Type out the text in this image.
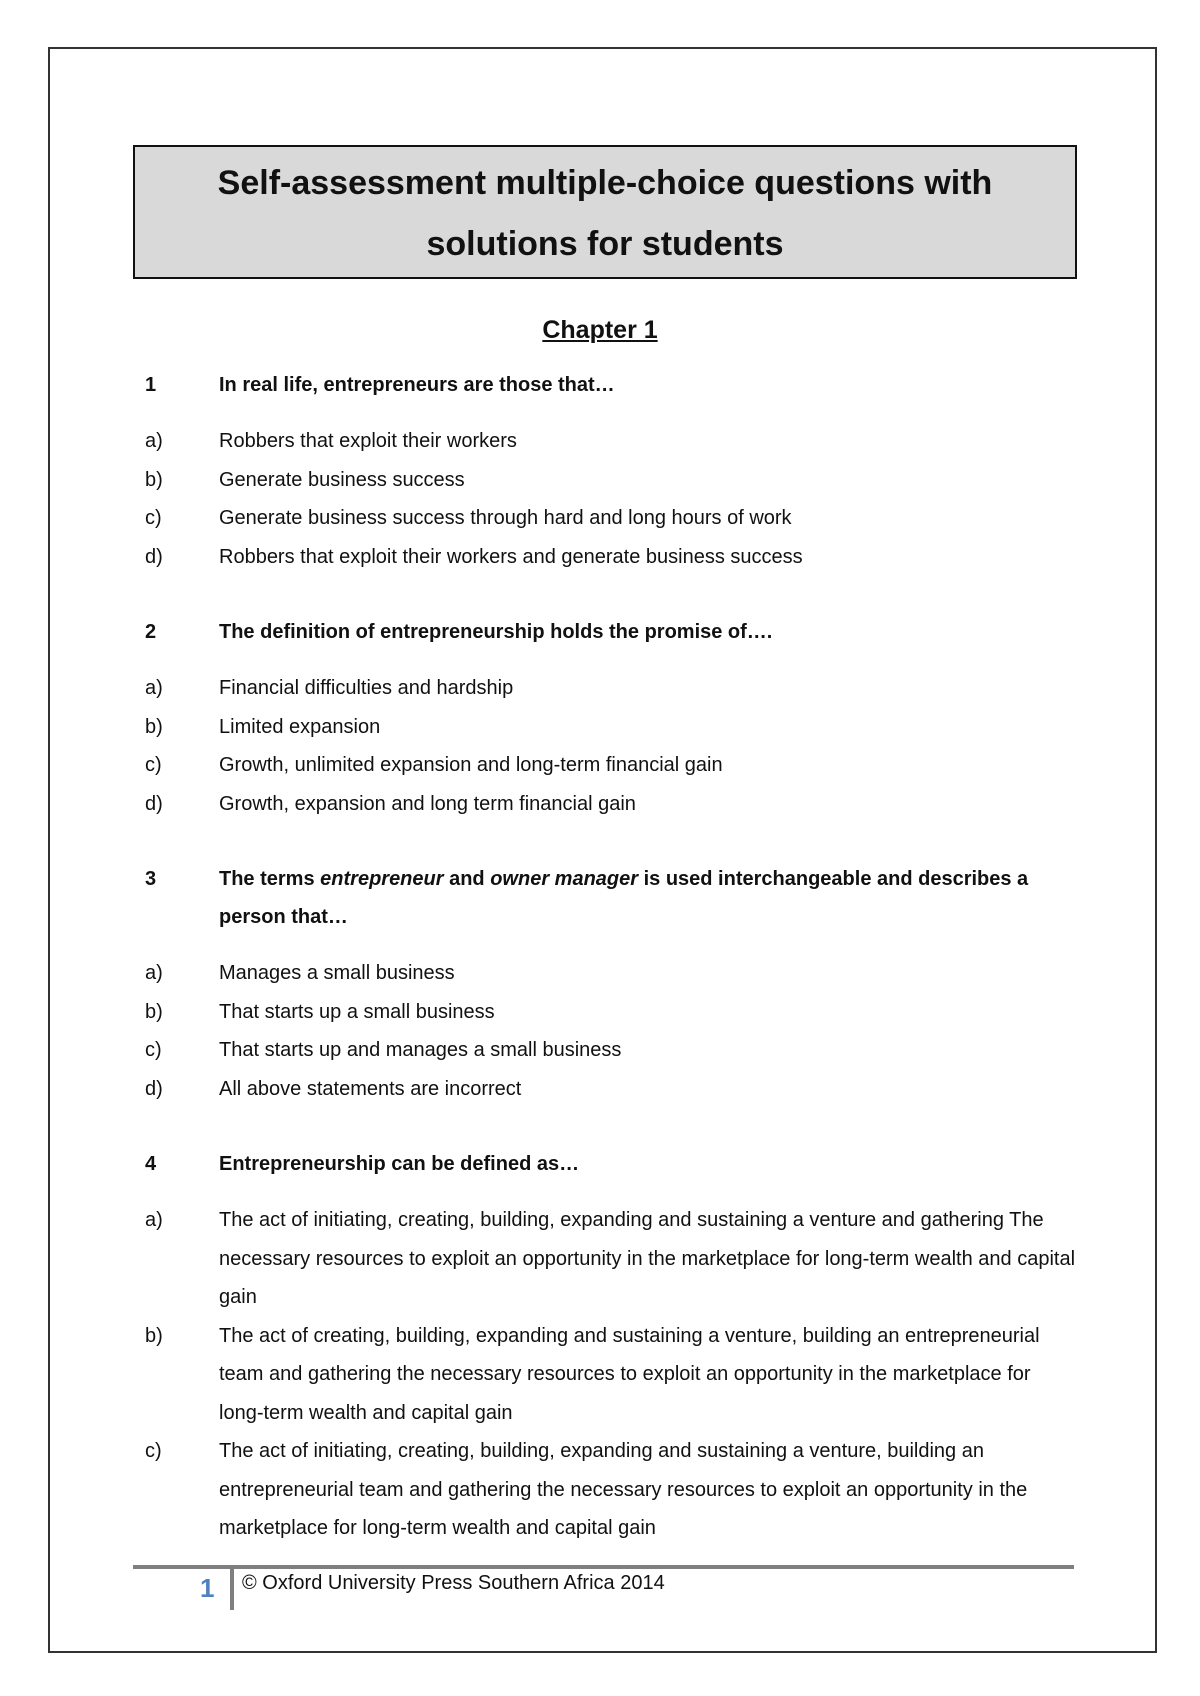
Self-assessment multiple-choice questions with
solutions for students
Chapter 1
1	In real life, entrepreneurs are those that…
a)	Robbers that exploit their workers
b)	Generate business success
c)	Generate business success through hard and long hours of work
d)	Robbers that exploit their workers and generate business success
2	The definition of entrepreneurship holds the promise of….
a)	Financial difficulties and hardship
b)	Limited expansion
c)	Growth, unlimited expansion and long-term financial gain
d)	Growth, expansion and long term financial gain
3	The terms entrepreneur and owner manager is used interchangeable and describes a person that…
a)	Manages a small business
b)	That starts up a small business
c)	That starts up and manages a small business
d)	All above statements are incorrect
4	Entrepreneurship can be defined as…
a)	The act of initiating, creating, building, expanding and sustaining a venture and gathering The necessary resources to exploit an opportunity in the marketplace for long-term wealth and capital gain
b)	The act of creating, building, expanding and sustaining a venture, building an entrepreneurial team and gathering the necessary resources to exploit an opportunity in the marketplace for long-term wealth and capital gain
c)	The act of initiating, creating, building, expanding and sustaining a venture, building an entrepreneurial team and gathering the necessary resources to exploit an opportunity in the marketplace for long-term wealth and capital gain
1	© Oxford University Press Southern Africa 2014
